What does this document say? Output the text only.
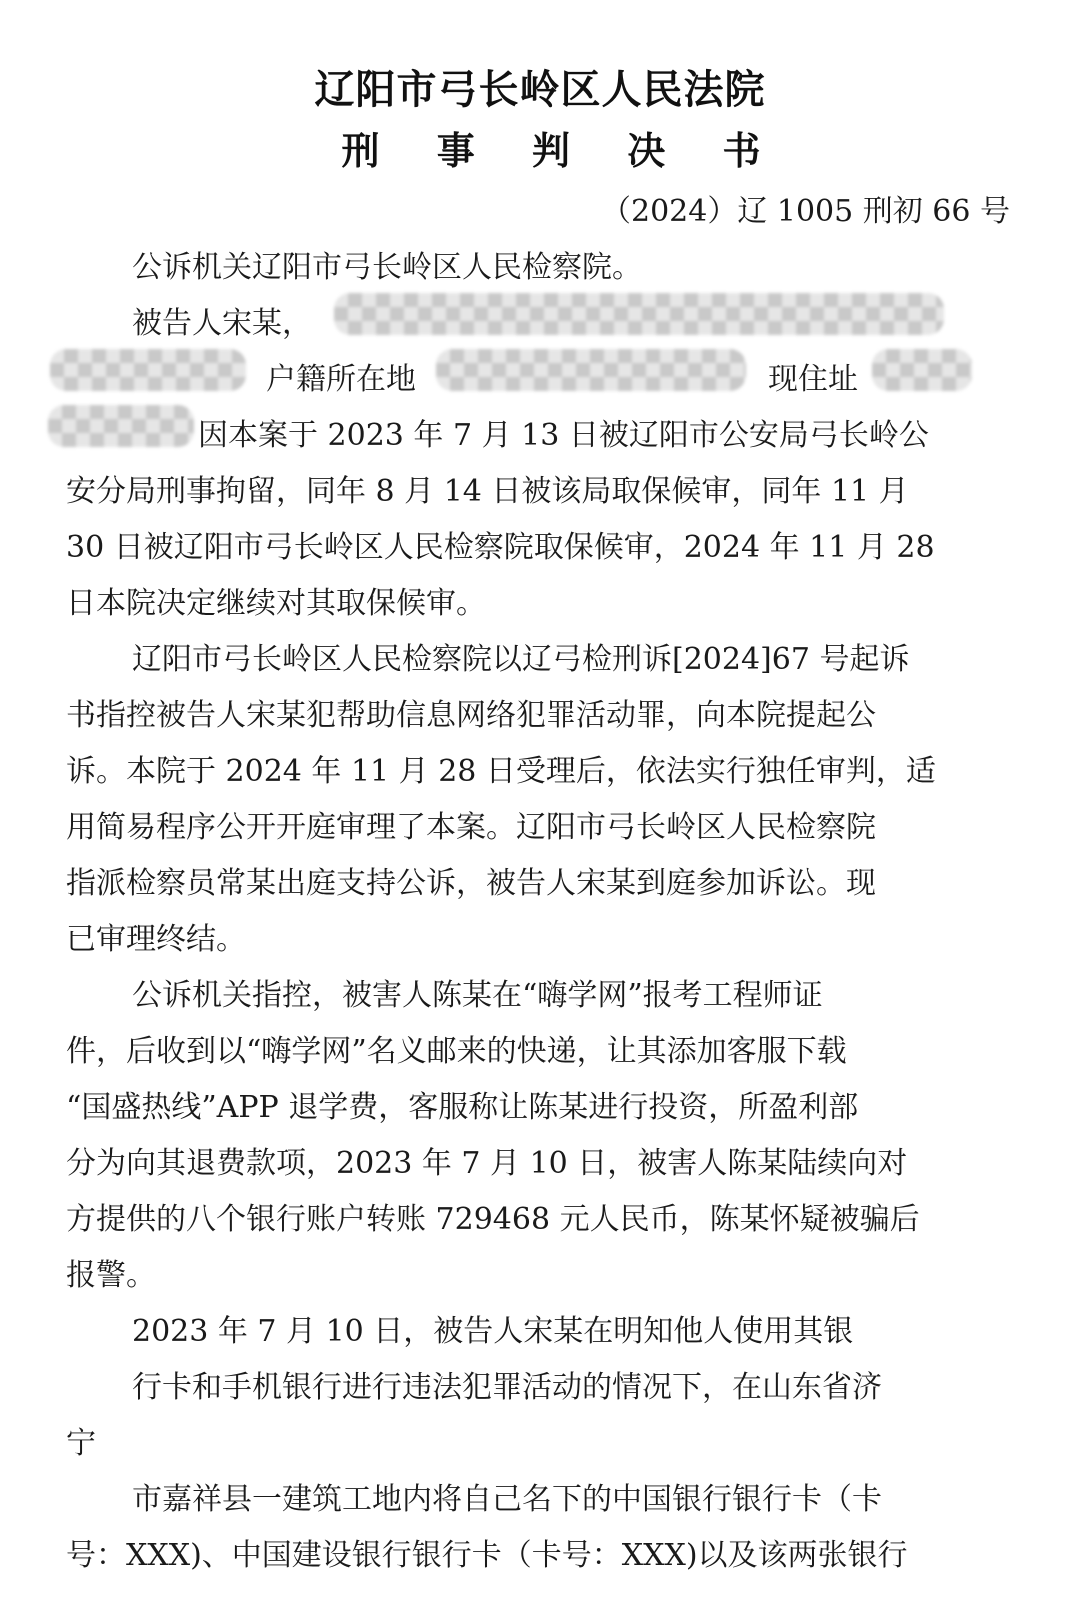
辽阳市弓长岭区人民法院
刑 事 判 决 书
（2024）辽 1005 刑初 66 号
公诉机关辽阳市弓长岭区人民检察院。
被告人宋某，
户籍所在地	现住址
因本案于 2023 年 7 月 13 日被辽阳市公安局弓长岭公
安分局刑事拘留，同年 8 月 14 日被该局取保候审，同年 11 月
30 日被辽阳市弓长岭区人民检察院取保候审，2024 年 11 月 28
日本院决定继续对其取保候审。
辽阳市弓长岭区人民检察院以辽弓检刑诉[2024]67 号起诉
书指控被告人宋某犯帮助信息网络犯罪活动罪，向本院提起公
诉。本院于 2024 年 11 月 28 日受理后，依法实行独任审判，适
用简易程序公开开庭审理了本案。辽阳市弓长岭区人民检察院
指派检察员常某出庭支持公诉，被告人宋某到庭参加诉讼。现
已审理终结。
公诉机关指控，被害人陈某在“嗨学网”报考工程师证
件，后收到以“嗨学网”名义邮来的快递，让其添加客服下载
“国盛热线”APP 退学费，客服称让陈某进行投资，所盈利部
分为向其退费款项，2023 年 7 月 10 日，被害人陈某陆续向对
方提供的八个银行账户转账 729468 元人民币，陈某怀疑被骗后
报警。
2023 年 7 月 10 日，被告人宋某在明知他人使用其银
行卡和手机银行进行违法犯罪活动的情况下，在山东省济
宁
市嘉祥县一建筑工地内将自己名下的中国银行银行卡（卡
号：XXX)、中国建设银行银行卡（卡号：XXX)以及该两张银行
